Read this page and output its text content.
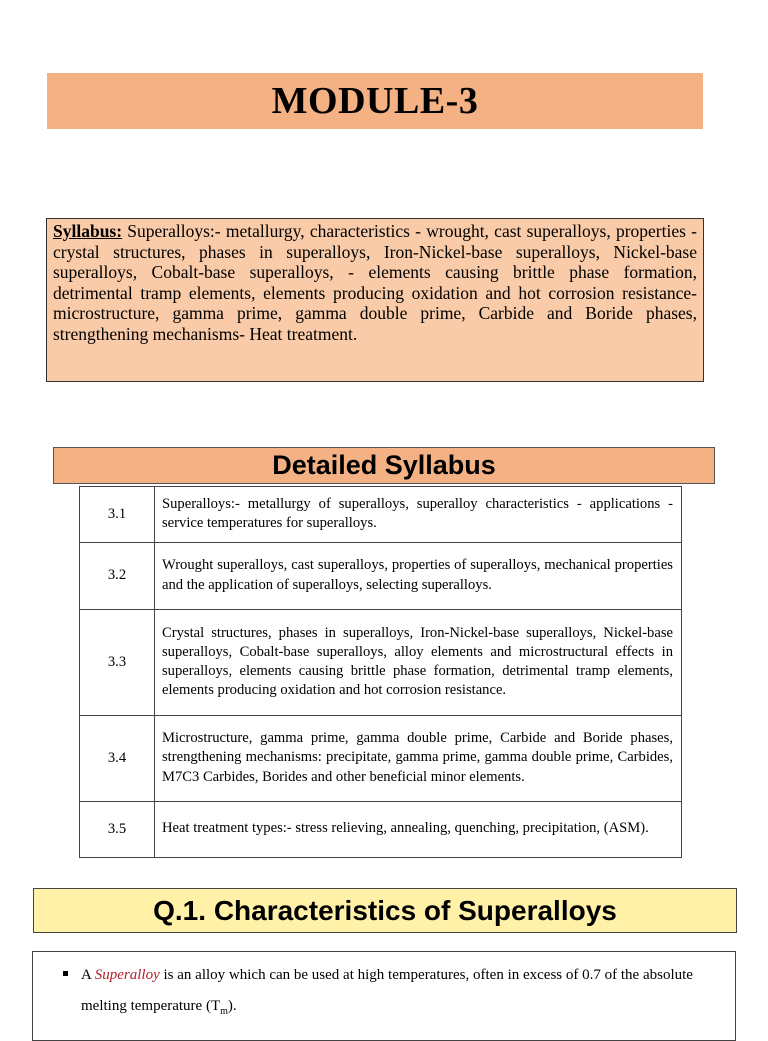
MODULE-3
Syllabus: Superalloys:- metallurgy, characteristics - wrought, cast superalloys, properties -crystal structures, phases in superalloys, Iron-Nickel-base superalloys, Nickel-base superalloys, Cobalt-base superalloys, - elements causing brittle phase formation, detrimental tramp elements, elements producing oxidation and hot corrosion resistance- microstructure, gamma prime, gamma double prime, Carbide and Boride phases, strengthening mechanisms- Heat treatment.
Detailed Syllabus
3.1	Superalloys:- metallurgy of superalloys, superalloy characteristics - applications - service temperatures for superalloys.
3.2	Wrought superalloys, cast superalloys, properties of superalloys, mechanical properties and the application of superalloys, selecting superalloys.
3.3	Crystal structures, phases in superalloys, Iron-Nickel-base superalloys, Nickel-base superalloys, Cobalt-base superalloys, alloy elements and microstructural effects in superalloys, elements causing brittle phase formation, detrimental tramp elements, elements producing oxidation and hot corrosion resistance.
3.4	Microstructure, gamma prime, gamma double prime, Carbide and Boride phases, strengthening mechanisms: precipitate, gamma prime, gamma double prime, Carbides, M7C3 Carbides, Borides and other beneficial minor elements.
3.5	Heat treatment types:- stress relieving, annealing, quenching, precipitation, (ASM).
Q.1. Characteristics of Superalloys

A Superalloy is an alloy which can be used at high temperatures, often in excess of 0.7 of the absolute melting temperature $(T_m)$.
